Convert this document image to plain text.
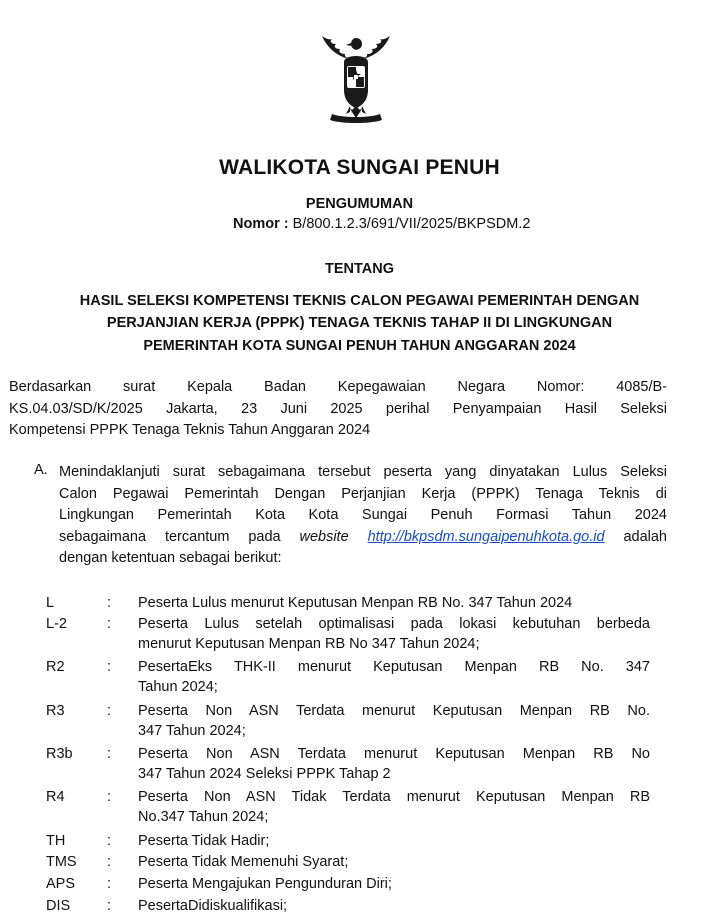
WALIKOTA SUNGAI PENUH
PENGUMUMAN
Nomor : B/800.1.2.3/691/VII/2025/BKPSDM.2
TENTANG
HASIL SELEKSI KOMPETENSI TEKNIS CALON PEGAWAI PEMERINTAH DENGAN
PERJANJIAN KERJA (PPPK) TENAGA TEKNIS TAHAP II DI LINGKUNGAN
PEMERINTAH KOTA SUNGAI PENUH TAHUN ANGGARAN 2024
Berdasarkan surat Kepala Badan Kepegawaian Negara Nomor: 4085/B-
KS.04.03/SD/K/2025 Jakarta, 23 Juni 2025 perihal Penyampaian Hasil Seleksi
Kompetensi PPPK Tenaga Teknis Tahun Anggaran 2024
A. Menindaklanjuti surat sebagaimana tersebut peserta yang dinyatakan Lulus Seleksi
Calon Pegawai Pemerintah Dengan Perjanjian Kerja (PPPK) Tenaga Teknis di
Lingkungan Pemerintah Kota Kota Sungai Penuh Formasi Tahun 2024
sebagaimana tercantum pada website http://bkpsdm.sungaipenuhkota.go.id adalah
dengan ketentuan sebagai berikut:
L	: Peserta Lulus menurut Keputusan Menpan RB No. 347 Tahun 2024
L-2	: Peserta Lulus setelah optimalisasi pada lokasi kebutuhan berbeda
menurut Keputusan Menpan RB No 347 Tahun 2024;
R2	: PesertaEks THK-II menurut Keputusan Menpan RB No. 347
Tahun 2024;
R3	: Peserta Non ASN Terdata menurut Keputusan Menpan RB No.
347 Tahun 2024;
R3b : Peserta Non ASN Terdata menurut Keputusan Menpan RB No
347 Tahun 2024 Seleksi PPPK Tahap 2
R4	: Peserta Non ASN Tidak Terdata menurut Keputusan Menpan RB
No.347 Tahun 2024;
TH	: Peserta Tidak Hadir;
TMS : Peserta Tidak Memenuhi Syarat;
APS : Peserta Mengajukan Pengunduran Diri;
DIS	: PesertaDidiskualifikasi;
